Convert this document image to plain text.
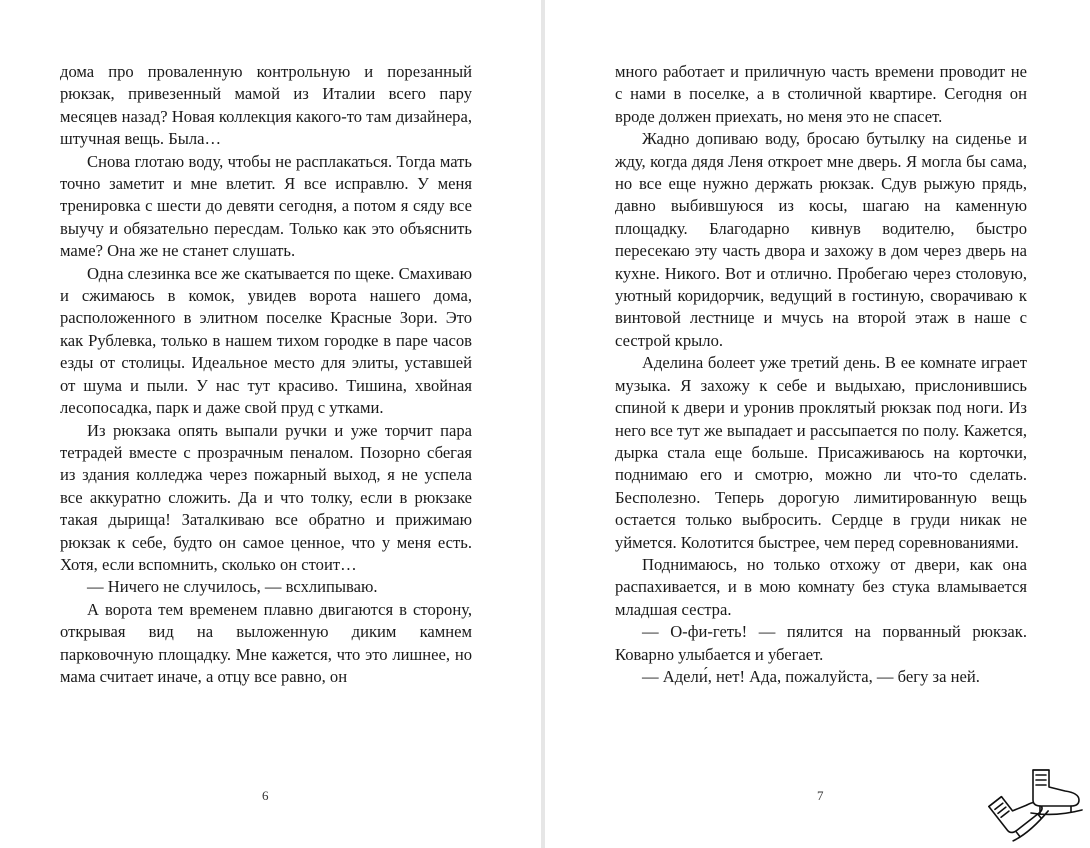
дома про проваленную контрольную и порезанный рюкзак, привезенный мамой из Италии всего пару месяцев назад? Новая коллекция какого-то там дизайнера, штучная вещь. Была…

Снова глотаю воду, чтобы не расплакаться. Тогда мать точно заметит и мне влетит. Я все исправлю. У меня тренировка с шести до девяти сегодня, а потом я сяду все выучу и обязательно пересдам. Только как это объяснить маме? Она же не станет слушать.

Одна слезинка все же скатывается по щеке. Смахиваю и сжимаюсь в комок, увидев ворота нашего дома, расположенного в элитном поселке Красные Зори. Это как Рублевка, только в нашем тихом городке в паре часов езды от столицы. Идеальное место для элиты, уставшей от шума и пыли. У нас тут красиво. Тишина, хвойная лесопосадка, парк и даже свой пруд с утками.

Из рюкзака опять выпали ручки и уже торчит пара тетрадей вместе с прозрачным пеналом. Позорно сбегая из здания колледжа через пожарный выход, я не успела все аккуратно сложить. Да и что толку, если в рюкзаке такая дырища! Заталкиваю все обратно и прижимаю рюкзак к себе, будто он самое ценное, что у меня есть. Хотя, если вспомнить, сколько он стоит…

— Ничего не случилось, — всхлипываю.

А ворота тем временем плавно двигаются в сторону, открывая вид на выложенную диким камнем парковочную площадку. Мне кажется, что это лишнее, но мама считает иначе, а отцу все равно, он

6

много работает и приличную часть времени проводит не с нами в поселке, а в столичной квартире. Сегодня он вроде должен приехать, но меня это не спасет.

Жадно допиваю воду, бросаю бутылку на сиденье и жду, когда дядя Леня откроет мне дверь. Я могла бы сама, но все еще нужно держать рюкзак. Сдув рыжую прядь, давно выбившуюся из косы, шагаю на каменную площадку. Благодарно кивнув водителю, быстро пересекаю эту часть двора и захожу в дом через дверь на кухне. Никого. Вот и отлично. Пробегаю через столовую, уютный коридорчик, ведущий в гостиную, сворачиваю к винтовой лестнице и мчусь на второй этаж в наше с сестрой крыло.

Аделина болеет уже третий день. В ее комнате играет музыка. Я захожу к себе и выдыхаю, прислонившись спиной к двери и уронив проклятый рюкзак под ноги. Из него все тут же выпадает и рассыпается по полу. Кажется, дырка стала еще больше. Присаживаюсь на корточки, поднимаю его и смотрю, можно ли что-то сделать. Бесполезно. Теперь дорогую лимитированную вещь остается только выбросить. Сердце в груди никак не уймется. Колотится быстрее, чем перед соревнованиями.

Поднимаюсь, но только отхожу от двери, как она распахивается, и в мою комнату без стука вламывается младшая сестра.

— О-фи-геть! — пялится на порванный рюкзак. Коварно улыбается и убегает.

— Адели́, нет! Ада, пожалуйста, — бегу за ней.

7
